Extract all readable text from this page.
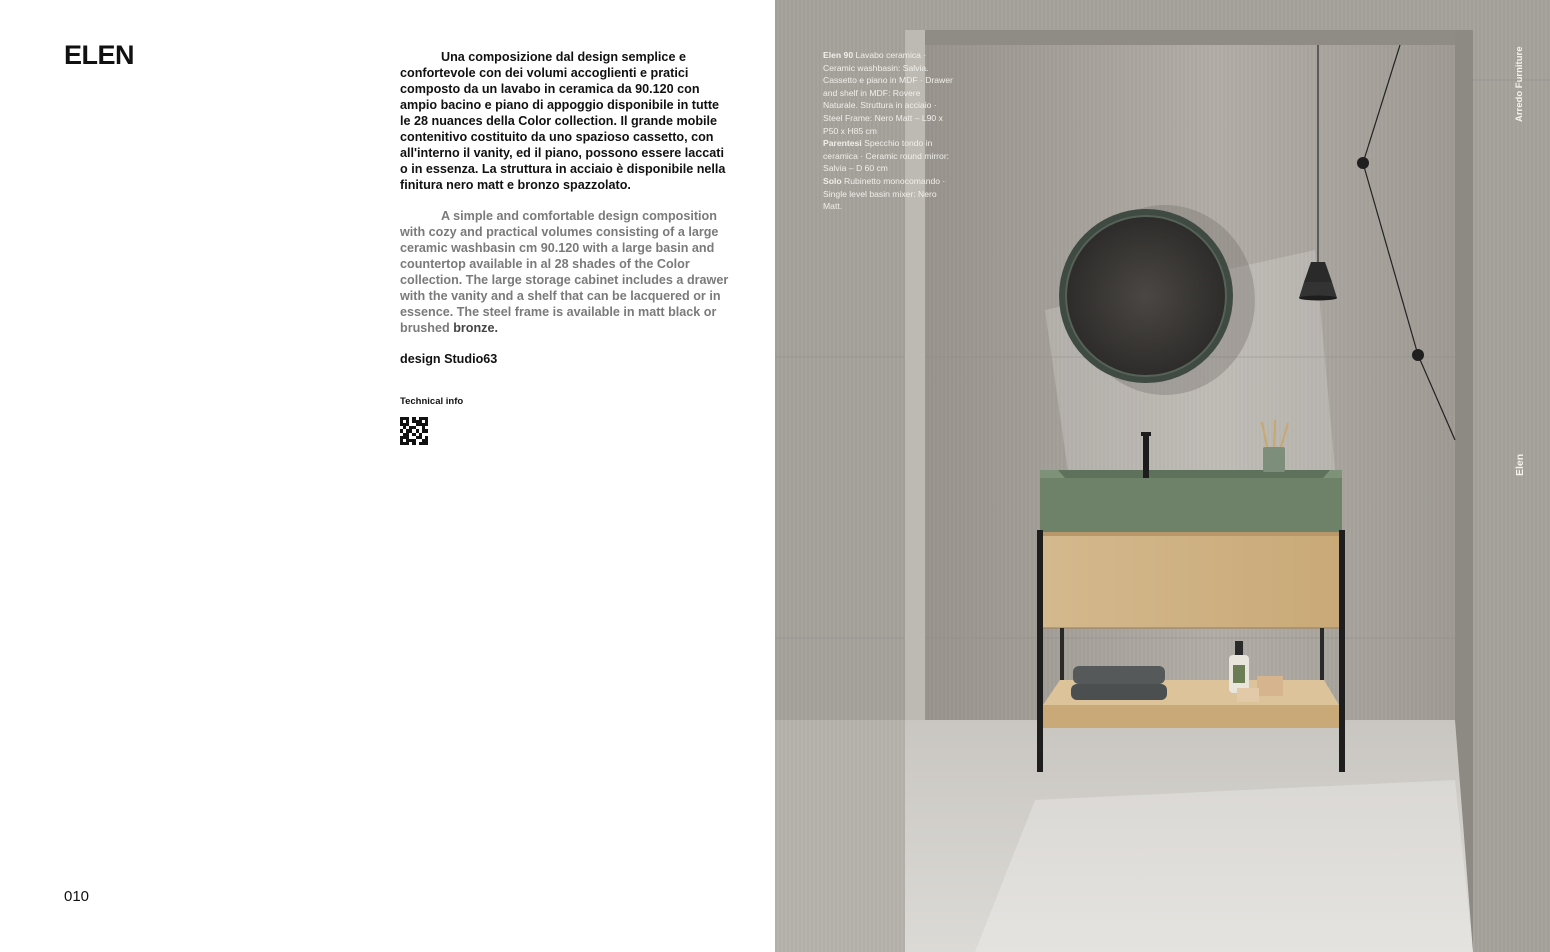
ELEN	Una composizione dal design semplice e confortevole con dei volumi accoglienti e pratici composto da un lavabo in ceramica da 90.120 con ampio bacino e piano di appoggio disponibile in tutte le 28 nuances della Color collection. Il grande mobile contenitivo costituito da uno spazioso cassetto, con all'interno il vanity, ed il piano, possono essere laccati o in essenza. La struttura in acciaio è disponibile nella finitura nero matt e bronzo spazzolato.

A simple and comfortable design composition with cozy and practical volumes consisting of a large ceramic washbasin cm 90.120 with a large basin and countertop available in al 28 shades of the Color collection. The large storage cabinet includes a drawer with the vanity and a shelf that can be lacquered or in essence. The steel frame is available in matt black or brushed bronze.

design Studio63

Technical info

010
Elen 90 Lavabo ceramica · Ceramic washbasin: Salvia. Cassetto e piano in MDF · Drawer and shelf in MDF: Rovere Naturale. Struttura in acciaio · Steel Frame: Nero Matt – L90 x P50 x H85 cm
Parentesi Specchio tondo in ceramica · Ceramic round mirror: Salvia – D 60 cm
Solo Rubinetto monocomando · Single level basin mixer: Nero Matt.
Arredo Furniture
Elen
